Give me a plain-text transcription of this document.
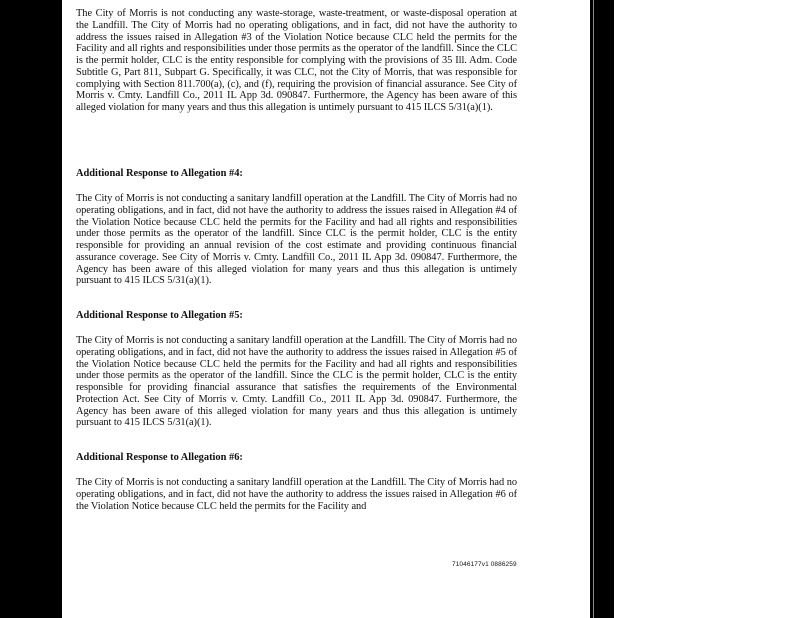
The City of Morris is not conducting any waste-storage, waste-treatment, or waste-disposal operation at the Landfill. The City of Morris had no operating obligations, and in fact, did not have the authority to address the issues raised in Allegation #3 of the Violation Notice because CLC held the permits for the Facility and all rights and responsibilities under those permits as the operator of the landfill. Since the CLC is the permit holder, CLC is the entity responsible for complying with the provisions of 35 Ill. Adm. Code Subtitle G, Part 811, Subpart G. Specifically, it was CLC, not the City of Morris, that was responsible for complying with Section 811.700(a), (c), and (f), requiring the provision of financial assurance. See City of Morris v. Cmty. Landfill Co., 2011 IL App 3d. 090847. Furthermore, the Agency has been aware of this alleged violation for many years and thus this allegation is untimely pursuant to 415 ILCS 5/31(a)(1).
Additional Response to Allegation #4:
The City of Morris is not conducting a sanitary landfill operation at the Landfill. The City of Morris had no operating obligations, and in fact, did not have the authority to address the issues raised in Allegation #4 of the Violation Notice because CLC held the permits for the Facility and had all rights and responsibilities under those permits as the operator of the landfill. Since CLC is the permit holder, CLC is the entity responsible for providing an annual revision of the cost estimate and providing continuous financial assurance coverage. See City of Morris v. Cmty. Landfill Co., 2011 IL App 3d. 090847. Furthermore, the Agency has been aware of this alleged violation for many years and thus this allegation is untimely pursuant to 415 ILCS 5/31(a)(1).
Additional Response to Allegation #5:
The City of Morris is not conducting a sanitary landfill operation at the Landfill. The City of Morris had no operating obligations, and in fact, did not have the authority to address the issues raised in Allegation #5 of the Violation Notice because CLC held the permits for the Facility and had all rights and responsibilities under those permits as the operator of the landfill. Since the CLC is the permit holder, CLC is the entity responsible for providing financial assurance that satisfies the requirements of the Environmental Protection Act. See City of Morris v. Cmty. Landfill Co., 2011 IL App 3d. 090847. Furthermore, the Agency has been aware of this alleged violation for many years and thus this allegation is untimely pursuant to 415 ILCS 5/31(a)(1).
Additional Response to Allegation #6:
The City of Morris is not conducting a sanitary landfill operation at the Landfill. The City of Morris had no operating obligations, and in fact, did not have the authority to address the issues raised in Allegation #6 of the Violation Notice because CLC held the permits for the Facility and
71046177v1 0886259
